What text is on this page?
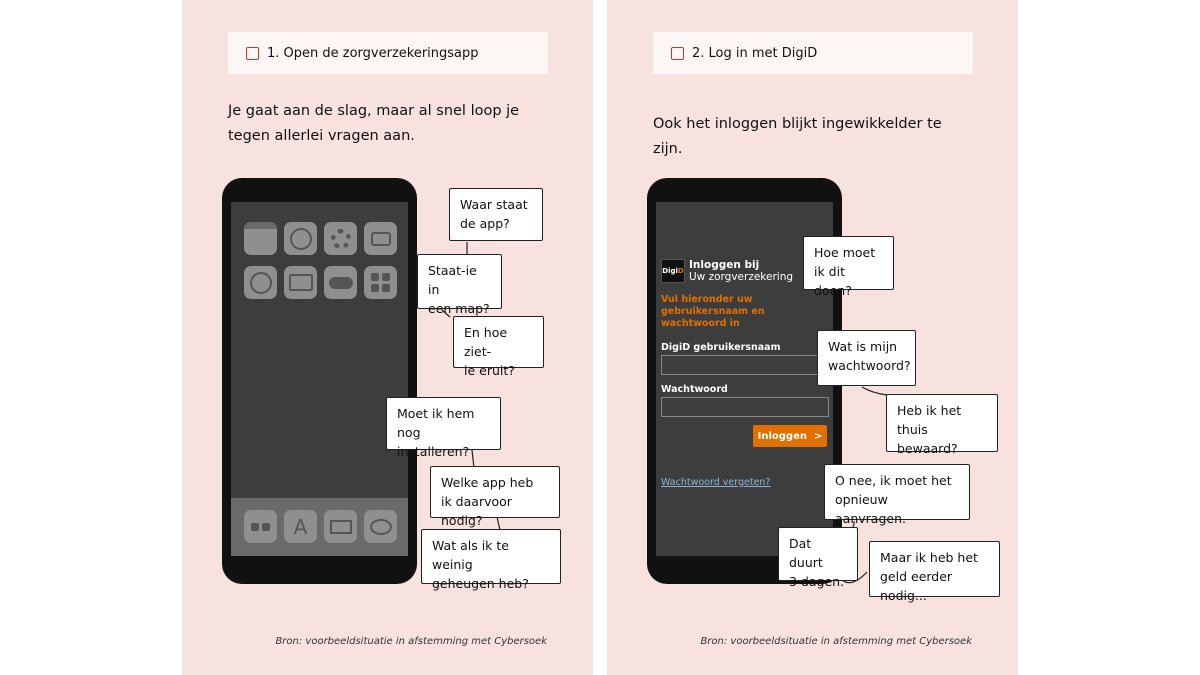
1. Open de zorgverzekeringsapp
Je gaat aan de slag, maar al snel loop je tegen allerlei vragen aan.
A
Waar staat
de app?
Staat-ie in
een map?
En hoe ziet-
ie eruit?
Moet ik hem
nog installeren?
Welke app heb
ik daarvoor nodig?
Wat als ik te weinig
geheugen heb?
Bron: voorbeeldsituatie in afstemming met Cybersoek
2. Log in met DigiD
Ook het inloggen blijkt ingewikkelder te zijn.
Digi D Inloggen bij
Uw zorgverzekering
Vul hieronder uw gebruikersnaam en wachtwoord in
DigiD gebruikersnaam
Wachtwoord
Inloggen >
Wachtwoord vergeten?
Hoe moet
ik dit doen?
Wat is mijn
wachtwoord?
Heb ik het
thuis bewaard?
O nee, ik moet het
opnieuw aanvragen.
Dat duurt
3 dagen.
Maar ik heb het
geld eerder nodig...
Bron: voorbeeldsituatie in afstemming met Cybersoek
